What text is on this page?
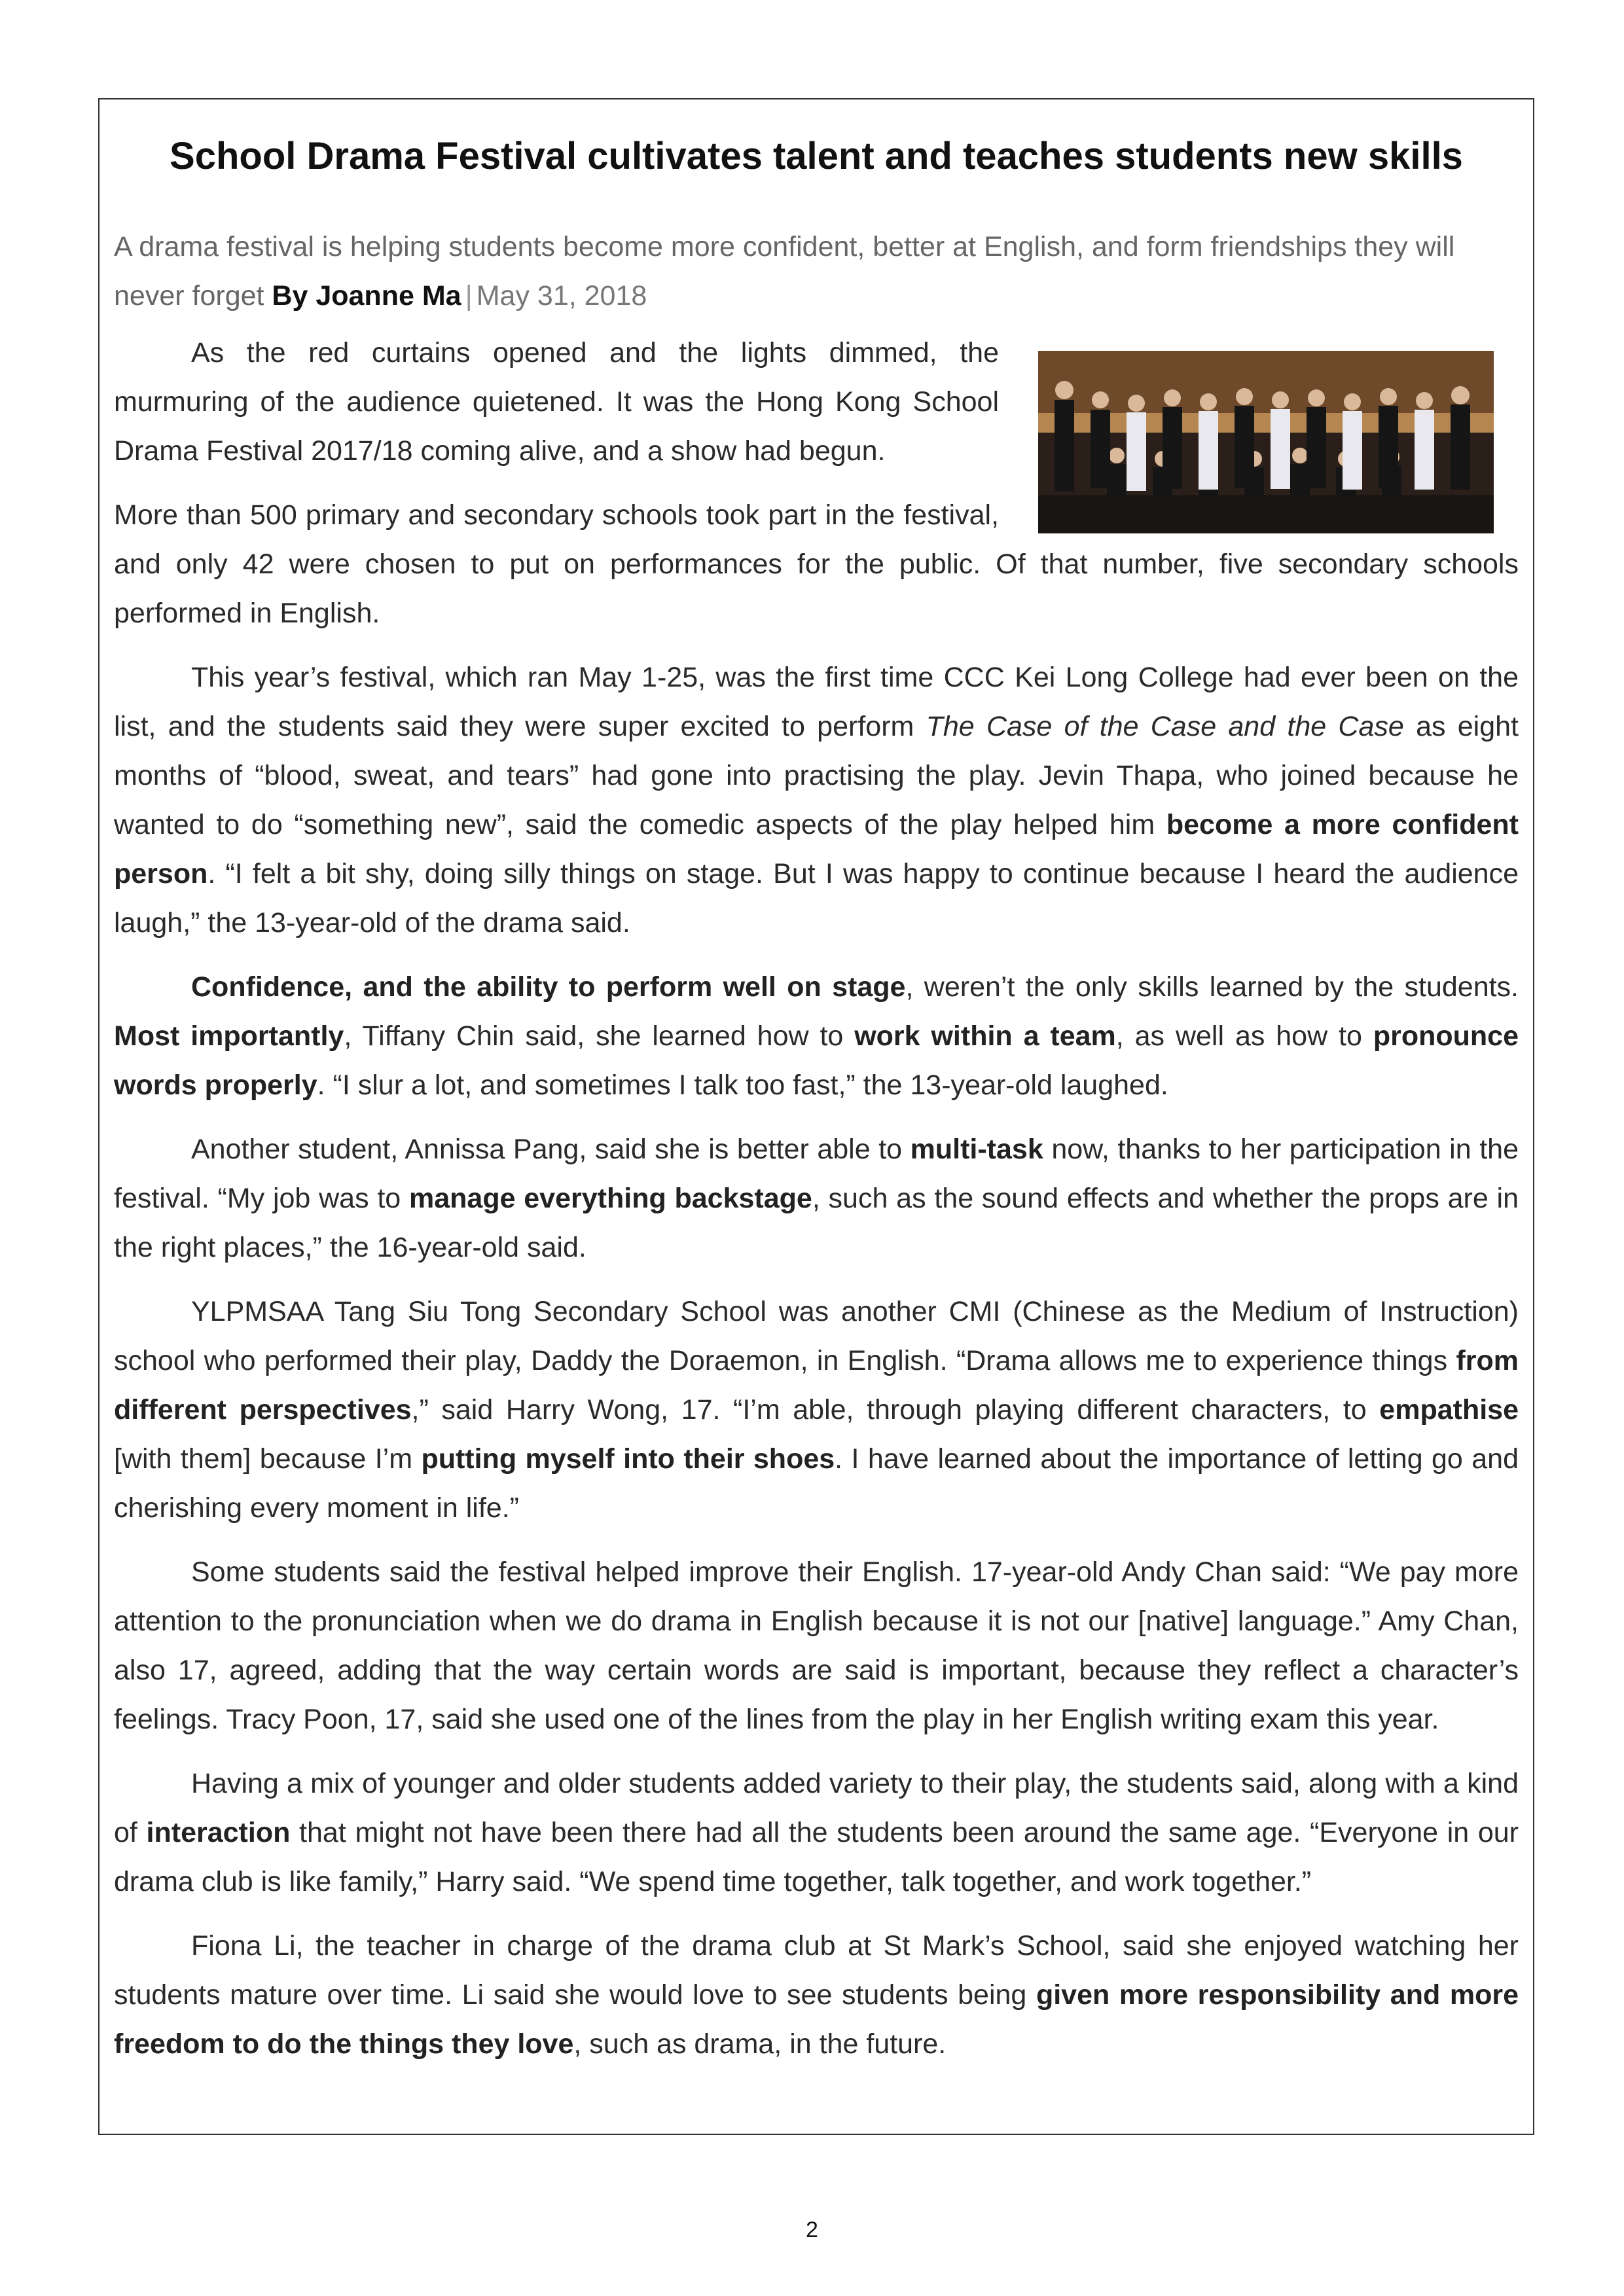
School Drama Festival cultivates talent and teaches students new skills

A drama festival is helping students become more confident, better at English, and form friendships they will never forget By Joanne Ma | May 31, 2018

As the red curtains opened and the lights dimmed, the murmuring of the audience quietened. It was the Hong Kong School Drama Festival 2017/18 coming alive, and a show had begun.

More than 500 primary and secondary schools took part in the festival, and only 42 were chosen to put on performances for the public. Of that number, five secondary schools performed in English.

This year’s festival, which ran May 1-25, was the first time CCC Kei Long College had ever been on the list, and the students said they were super excited to perform The Case of the Case and the Case as eight months of “blood, sweat, and tears” had gone into practising the play. Jevin Thapa, who joined because he wanted to do “something new”, said the comedic aspects of the play helped him become a more confident person. “I felt a bit shy, doing silly things on stage. But I was happy to continue because I heard the audience laugh,” the 13-year-old of the drama said.

Confidence, and the ability to perform well on stage, weren’t the only skills learned by the students. Most importantly, Tiffany Chin said, she learned how to work within a team, as well as how to pronounce words properly. “I slur a lot, and sometimes I talk too fast,” the 13-year-old laughed.

Another student, Annissa Pang, said she is better able to multi-task now, thanks to her participation in the festival. “My job was to manage everything backstage, such as the sound effects and whether the props are in the right places,” the 16-year-old said.

YLPMSAA Tang Siu Tong Secondary School was another CMI (Chinese as the Medium of Instruction) school who performed their play, Daddy the Doraemon, in English. “Drama allows me to experience things from different perspectives,” said Harry Wong, 17. “I’m able, through playing different characters, to empathise [with them] because I’m putting myself into their shoes. I have learned about the importance of letting go and cherishing every moment in life.”

Some students said the festival helped improve their English. 17-year-old Andy Chan said: “We pay more attention to the pronunciation when we do drama in English because it is not our [native] language.” Amy Chan, also 17, agreed, adding that the way certain words are said is important, because they reflect a character’s feelings. Tracy Poon, 17, said she used one of the lines from the play in her English writing exam this year.

Having a mix of younger and older students added variety to their play, the students said, along with a kind of interaction that might not have been there had all the students been around the same age. “Everyone in our drama club is like family,” Harry said. “We spend time together, talk together, and work together.”

Fiona Li, the teacher in charge of the drama club at St Mark’s School, said she enjoyed watching her students mature over time. Li said she would love to see students being given more responsibility and more freedom to do the things they love, such as drama, in the future.

2
